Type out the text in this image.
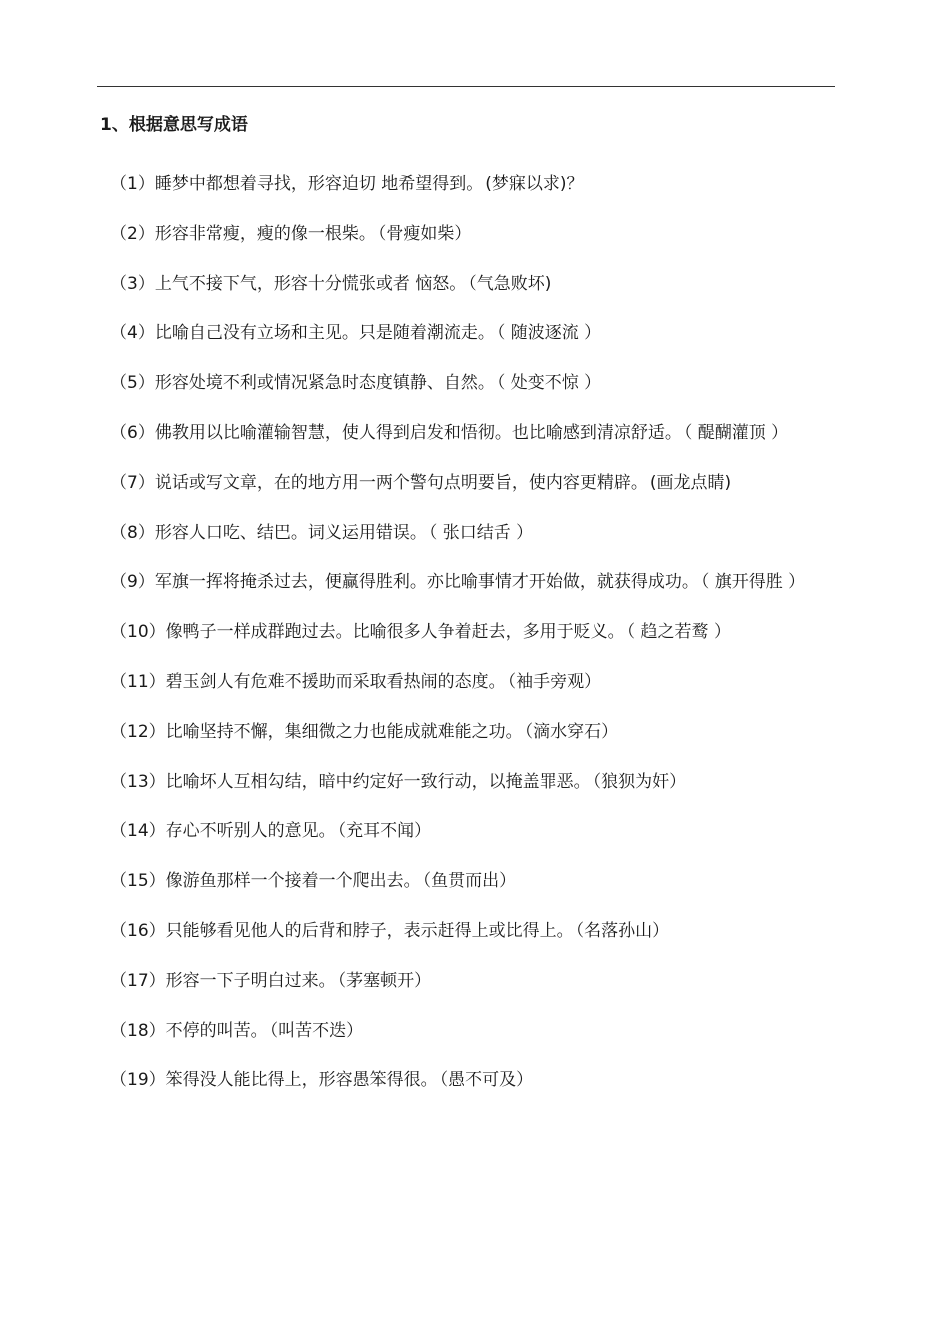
1、根据意思写成语
（1）睡梦中都想着寻找，形容迫切 地希望得到。 (梦寐以求)？
（2）形容非常瘦，瘦的像一根柴。 （骨瘦如柴）
（3）上气不接下气，形容十分慌张或者 恼怒。 （气急败坏)
（4）比喻自己没有立场和主见。只是随着潮流走。 （ 随波逐流 ）
（5）形容处境不利或情况紧急时态度镇静、自然。 （ 处变不惊 ）
（6）佛教用以比喻灌输智慧，使人得到启发和悟彻。也比喻感到清凉舒适。 （ 醍醐灌顶 ）
（7）说话或写文章，在的地方用一两个警句点明要旨，使内容更精辟。 (画龙点睛)
（8）形容人口吃、结巴。词义运用错误。 （ 张口结舌 ）
（9）军旗一挥将掩杀过去，便赢得胜利。亦比喻事情才开始做，就获得成功。 （ 旗开得胜 ）
（10）像鸭子一样成群跑过去。比喻很多人争着赶去，多用于贬义。 （ 趋之若鹜 ）
（11）碧玉剑人有危难不援助而采取看热闹的态度。 （袖手旁观）
（12）比喻坚持不懈，集细微之力也能成就难能之功。 （滴水穿石）
（13）比喻坏人互相勾结，暗中约定好一致行动，以掩盖罪恶。 （狼狈为奸）
（14）存心不听别人的意见。 （充耳不闻）
（15）像游鱼那样一个接着一个爬出去。 （鱼贯而出）
（16）只能够看见他人的后背和脖子，表示赶得上或比得上。 （名落孙山）
（17）形容一下子明白过来。 （茅塞顿开）
（18）不停的叫苦。 （叫苦不迭）
（19）笨得没人能比得上，形容愚笨得很。 （愚不可及）
